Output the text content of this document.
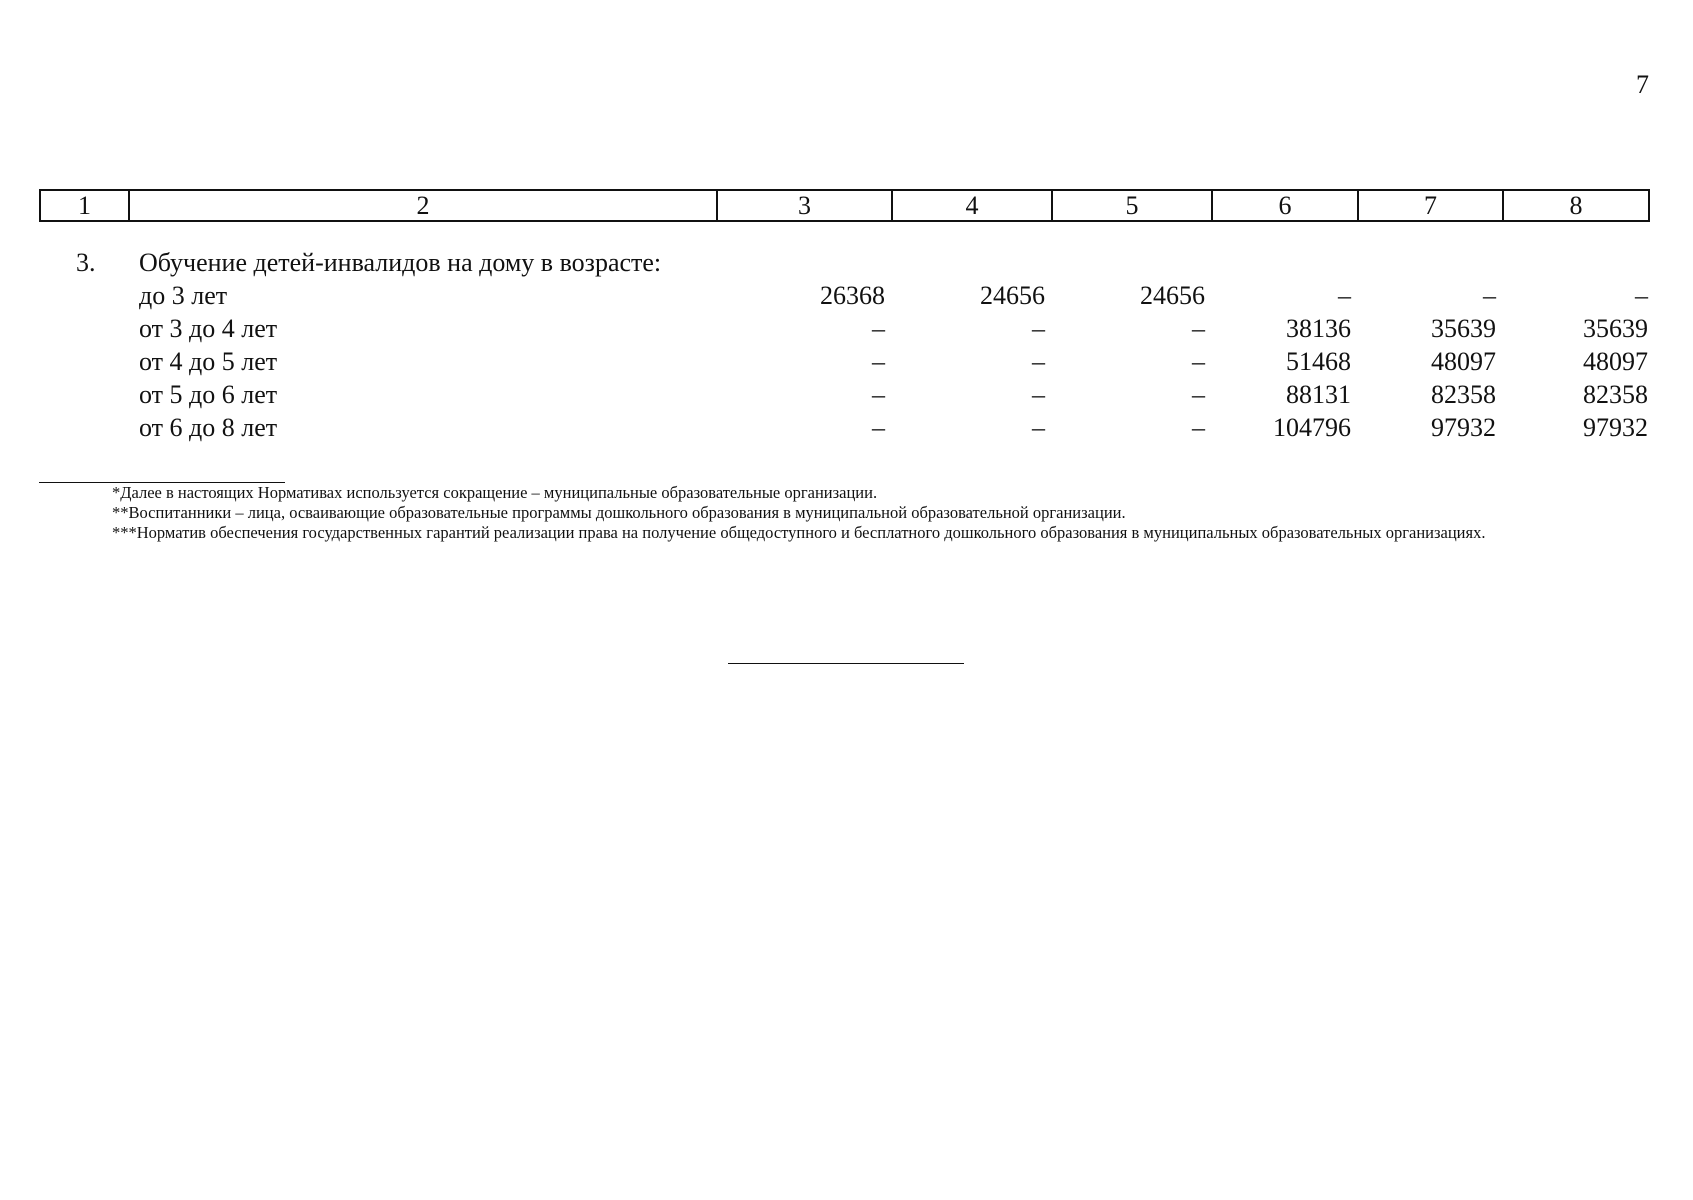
7
1	2	3	4	5	6	7	8
3.	Обучение детей-инвалидов на дому в возрасте:
до 3 лет	26368	24656	24656	–	–	–
от 3 до 4 лет	–	–	–	38136	35639	35639
от 4 до 5 лет	–	–	–	51468	48097	48097
от 5 до 6 лет	–	–	–	88131	82358	82358
от 6 до 8 лет	–	–	–	104796	97932	97932

*Далее в настоящих Нормативах используется сокращение – муниципальные образовательные организации.

**Воспитанники – лица, осваивающие образовательные программы дошкольного образования в муниципальной образовательной организации.

***Норматив обеспечения государственных гарантий реализации права на получение общедоступного и бесплатного дошкольного образования в муниципальных образовательных организациях.
